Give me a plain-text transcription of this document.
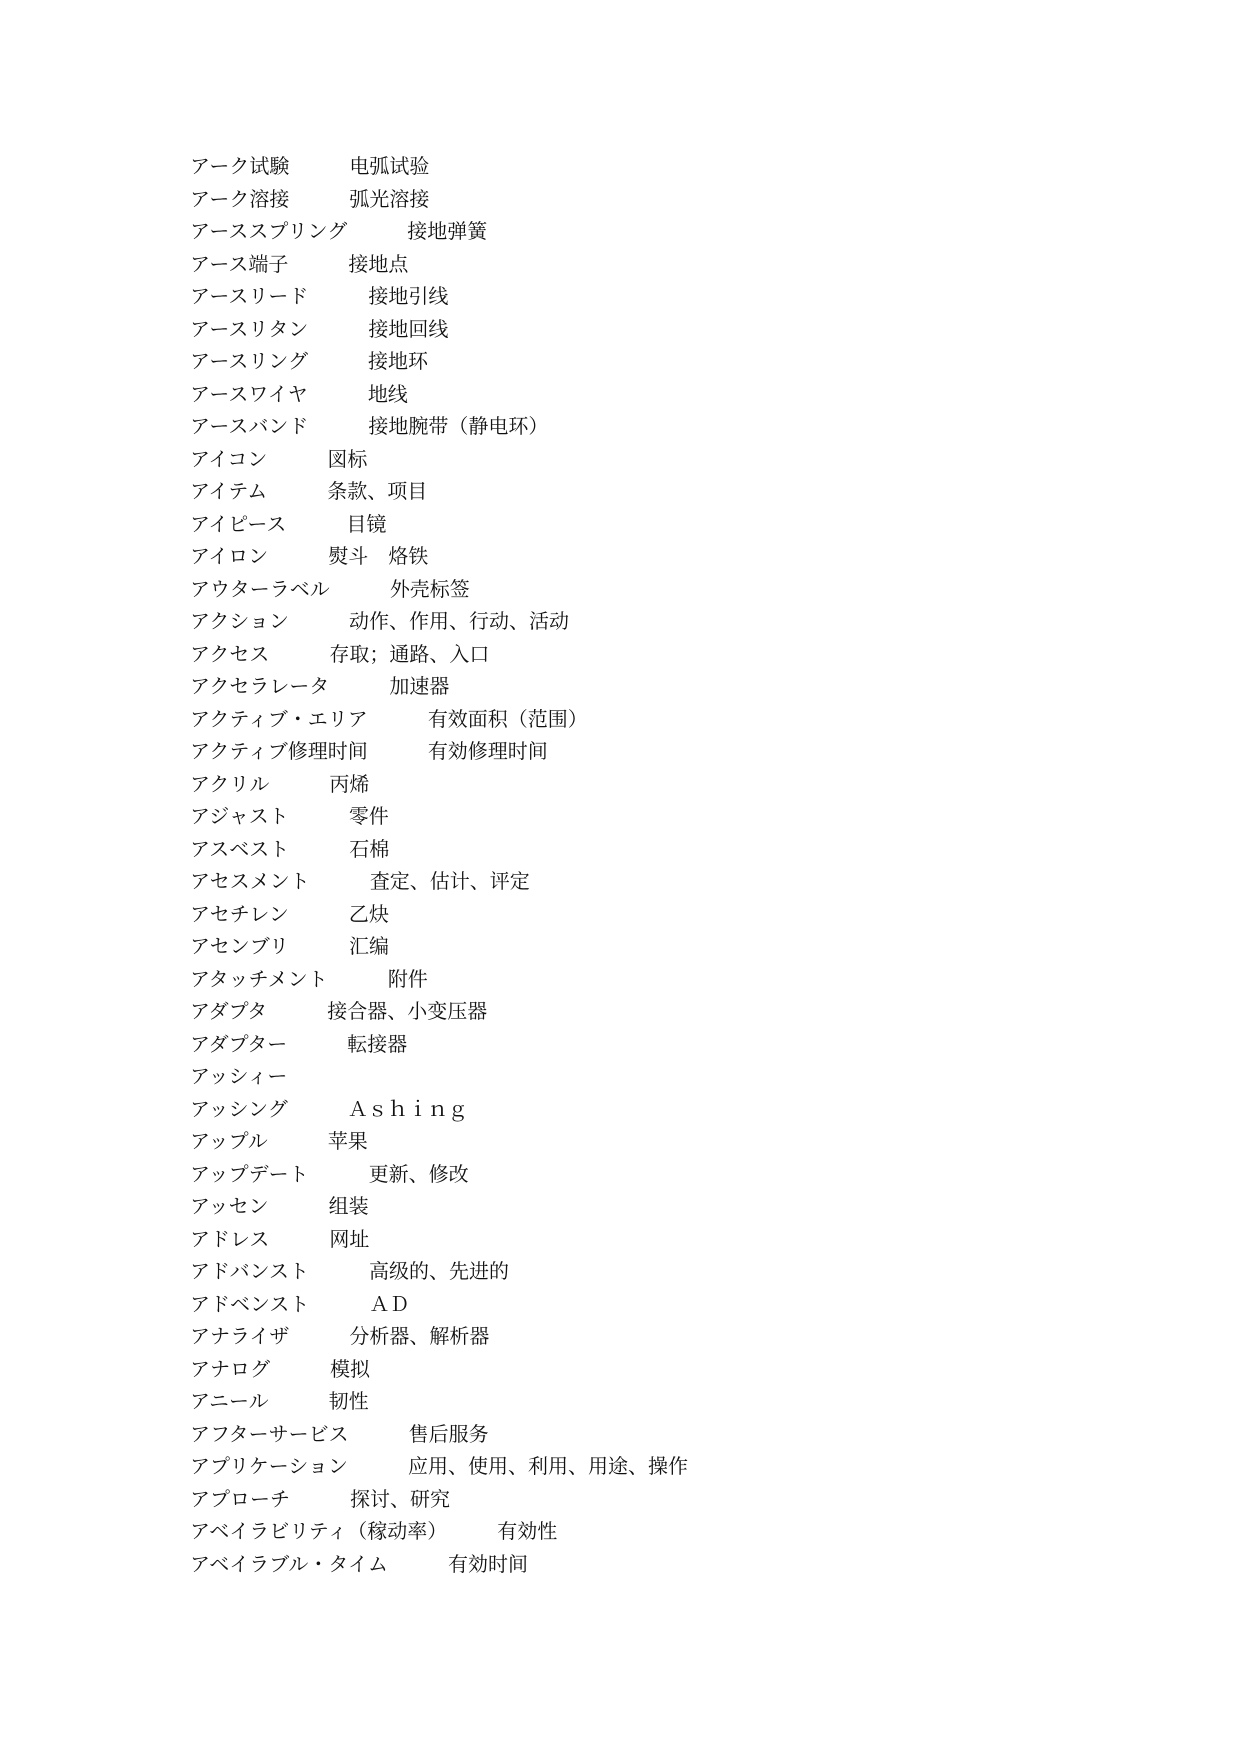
アーク试験　　　	电弧试验
アーク溶接　　　	弧光溶接
アーススプリング　　　	接地弹簧
アース端子　　　	接地点
アースリード　　　	接地引线
アースリタン　　　	接地回线
アースリング　　　	接地环
アースワイヤ　　　	地线
アースバンド　　　	接地腕带（静电环）
アイコン　　　	図标
アイテム　　　	条款、项目
アイピース　　　	目镜
アイロン　　　	熨斗　烙铁
アウターラベル　　　	外壳标签
アクション　　　	动作、作用、行动、活动
アクセス　　　	存取；通路、入口
アクセラレータ　　　	加速器
アクティブ・エリア　　　	有效面积（范围）
アクティブ修理时间　　　	有効修理时间
アクリル　　　	丙烯
アジャスト　　　	零件
アスベスト　　　	石棉
アセスメント　　　	査定、估计、评定
アセチレン　　　	乙炔
アセンブリ　　　	汇编
アタッチメント　　　	附件
アダプタ　　　	接合器、小变压器
アダプター　　　	転接器
アッシィー
アッシング　　　	Ａｓｈｉｎｇ
アップル　　　	苹果
アップデート　　　	更新、修改
アッセン　　　	组装
アドレス　　　	网址
アドバンスト　　　	高级的、先进的
アドベンスト　　　	ＡＤ
アナライザ　　　	分析器、解析器
アナログ　　　	模拟
アニール　　　	韧性
アフターサービス　　　	售后服务
アプリケーション　　　	应用、使用、利用、用途、操作
アプローチ　　　	探讨、研究
アベイラビリティ（稼动率）　　　	有効性
アベイラブル・タイム　　　	有効时间
